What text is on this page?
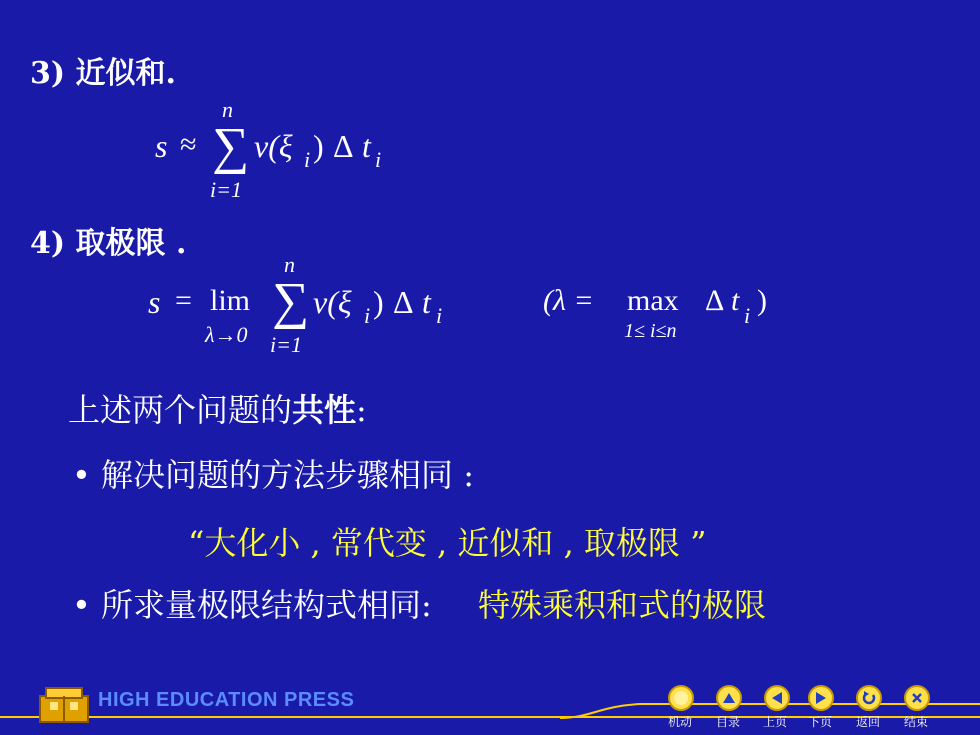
3) 近似和.
s ≈
n
∑
i=1
v(ξ i ) Δ t i
4) 取极限 .
s = lim
λ→0
n
∑
i=1
v(ξ i ) Δ t i	(λ = max
1≤ i≤n
Δ t i )
上述两个问题的共性:
• 解决问题的方法步骤相同 :
“大化小 , 常代变 , 近似和 , 取极限 ”
• 所求量极限结构式相同: 特殊乘积和式的极限
HIGH EDUCATION PRESS
机动 目录 上页 下页 返回 结束
